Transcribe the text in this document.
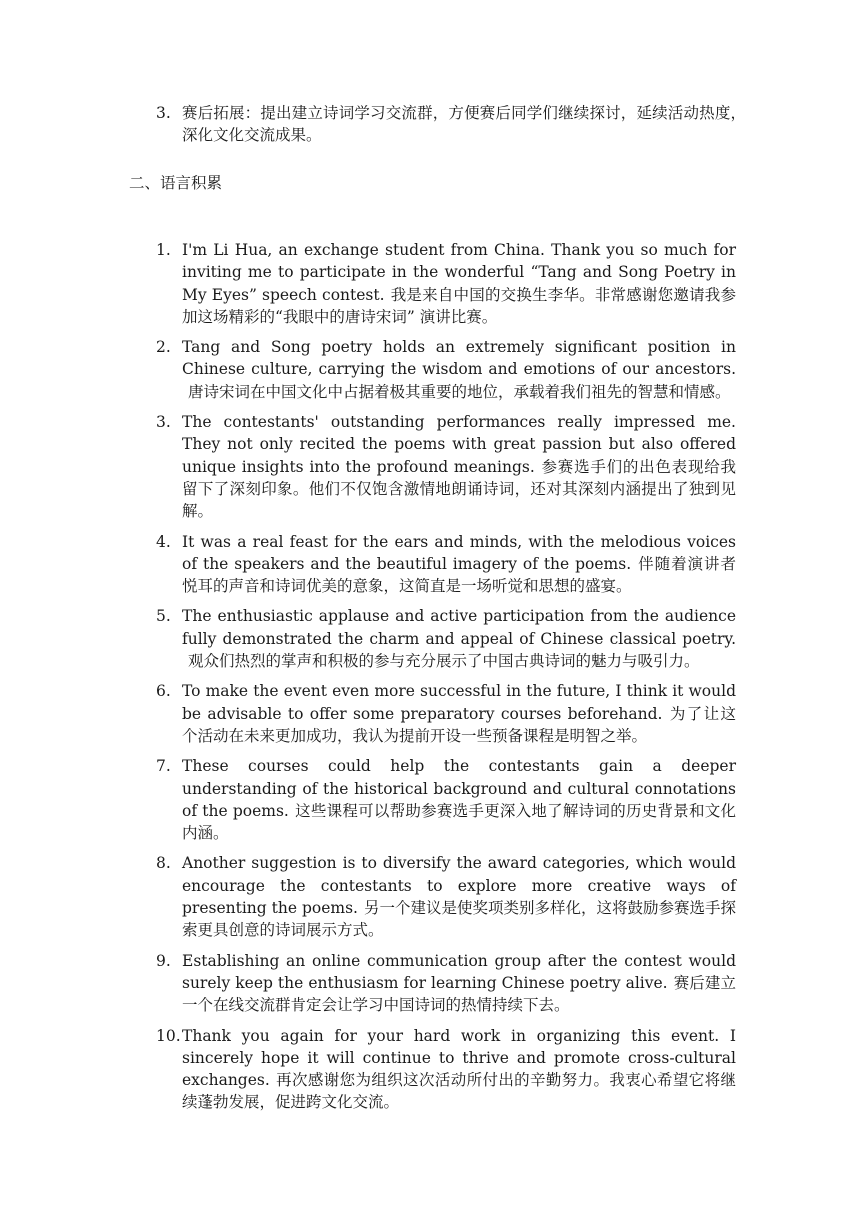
3. 赛后拓展：提出建立诗词学习交流群，方便赛后同学们继续探讨，延续活动热度，深化文化交流成果。
二、语言积累
1. I'm Li Hua, an exchange student from China. Thank you so much for inviting me to participate in the wonderful “Tang and Song Poetry in My Eyes” speech contest. 我是来自中国的交换生李华。非常感谢您邀请我参加这场精彩的“我眼中的唐诗宋词” 演讲比赛。
2. Tang and Song poetry holds an extremely significant position in Chinese culture, carrying the wisdom and emotions of our ancestors.唐诗宋词在中国文化中占据着极其重要的地位，承载着我们祖先的智慧和情感。
3. The contestants' outstanding performances really impressed me. They not only recited the poems with great passion but also offered unique insights into the profound meanings. 参赛选手们的出色表现给我留下了深刻印象。他们不仅饱含激情地朗诵诗词，还对其深刻内涵提出了独到见解。
4. It was a real feast for the ears and minds, with the melodious voices of the speakers and the beautiful imagery of the poems. 伴随着演讲者悦耳的声音和诗词优美的意象，这简直是一场听觉和思想的盛宴。
5. The enthusiastic applause and active participation from the audience fully demonstrated the charm and appeal of Chinese classical poetry.观众们热烈的掌声和积极的参与充分展示了中国古典诗词的魅力与吸引力。
6. To make the event even more successful in the future, I think it would be advisable to offer some preparatory courses beforehand. 为了让这个活动在未来更加成功，我认为提前开设一些预备课程是明智之举。
7. These courses could help the contestants gain a deeper understanding of the historical background and cultural connotations of the poems. 这些课程可以帮助参赛选手更深入地了解诗词的历史背景和文化内涵。
8. Another suggestion is to diversify the award categories, which would encourage the contestants to explore more creative ways of presenting the poems. 另一个建议是使奖项类别多样化，这将鼓励参赛选手探索更具创意的诗词展示方式。
9. Establishing an online communication group after the contest would surely keep the enthusiasm for learning Chinese poetry alive. 赛后建立一个在线交流群肯定会让学习中国诗词的热情持续下去。
10. Thank you again for your hard work in organizing this event. I sincerely hope it will continue to thrive and promote cross-cultural exchanges. 再次感谢您为组织这次活动所付出的辛勤努力。我衷心希望它将继续蓬勃发展，促进跨文化交流。
